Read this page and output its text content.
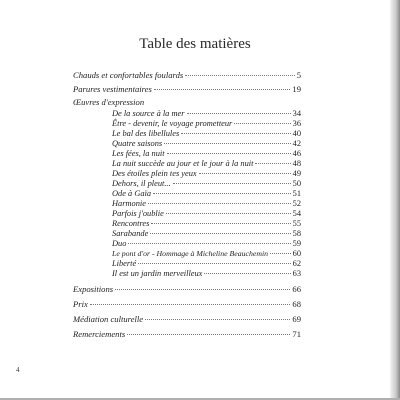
Table des matières
Chauds et confortables foulards	5
Parures vestimentaires	19
Œuvres d'expression
De la source à la mer	34
Être - devenir, le voyage prometteur	36
Le bal des libellules	40
Quatre saisons	42
Les fées, la nuit	46
La nuit succède au jour et le jour à la nuit	48
Des étoiles plein tes yeux	49
Dehors, il pleut...	50
Ode à Gaïa	51
Harmonie	52
Parfois j'oublie	54
Rencontres	55
Sarabande	58
Duo	59
Le pont d'or - Hommage à Micheline Beauchemin	60
Liberté	62
Il est un jardin merveilleux	63
Expositions	66
Prix	68
Médiation culturelle	69
Remerciements	71
4
